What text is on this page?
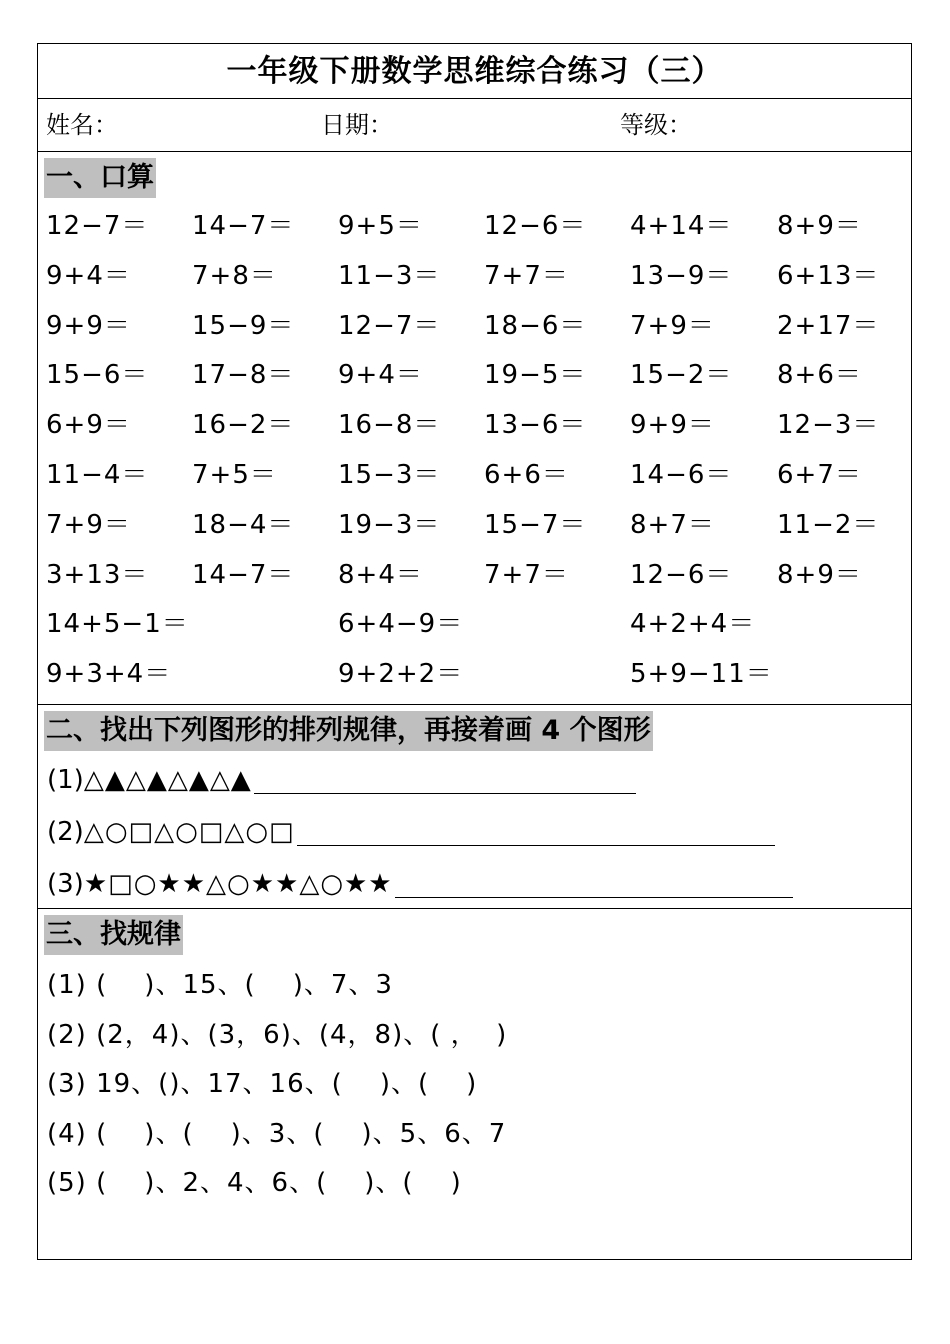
一年级下册数学思维综合练习（三）
姓名：	日期：	等级：
一、口算
12−7＝ 14−7＝ 9+5＝ 12−6＝ 4+14＝ 8+9＝
9+4＝ 7+8＝ 11−3＝ 7+7＝ 13−9＝ 6+13＝
9+9＝ 15−9＝ 12−7＝ 18−6＝ 7+9＝ 2+17＝
15−6＝ 17−8＝ 9+4＝ 19−5＝ 15−2＝ 8+6＝
6+9＝ 16−2＝ 16−8＝ 13−6＝ 9+9＝ 12−3＝
11−4＝ 7+5＝ 15−3＝ 6+6＝ 14−6＝ 6+7＝
7+9＝ 18−4＝ 19−3＝ 15−7＝ 8+7＝ 11−2＝
3+13＝ 14−7＝ 8+4＝ 7+7＝ 12−6＝ 8+9＝
14+5−1＝	6+4−9＝	4+2+4＝
9+3+4＝	9+2+2＝	5+9−11＝
二、找出下列图形的排列规律，再接着画 4 个图形
(1)△▲△▲△▲△▲
(2)△○□△○□△○□
(3)★□○★★△○★★△○★★
三、找规律
(1) (    )、15、(    )、7、3
(2) (2，4)、(3，6)、(4，8)、( ，  )
(3) 19、()、17、16、(    )、(    )
(4) (    )、(    )、3、(    )、5、6、7
(5) (    )、2、4、6、(    )、(    )
